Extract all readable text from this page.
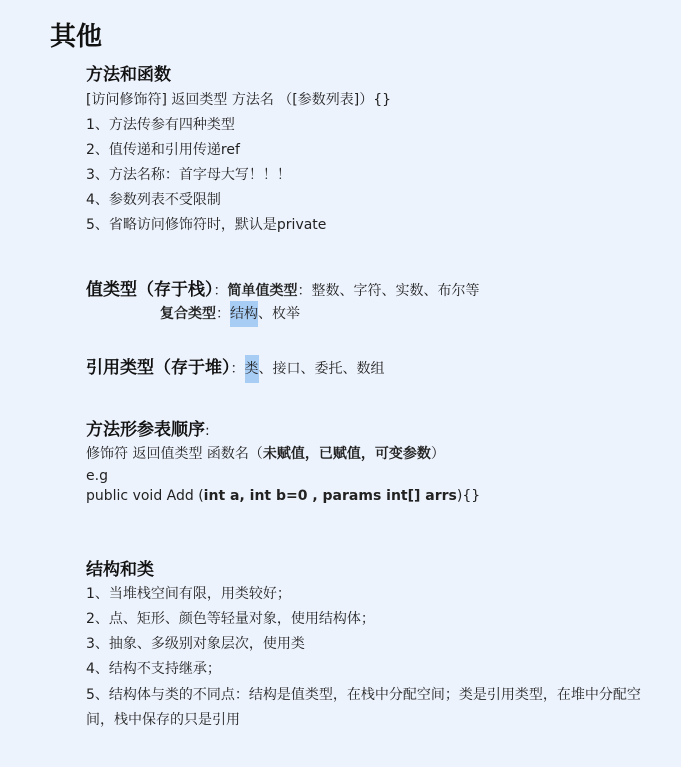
其他
方法和函数
[访问修饰符] 返回类型 方法名 （[参数列表]）{}
1、方法传参有四种类型
2、值传递和引用传递ref
3、方法名称：首字母大写！！！
4、参数列表不受限制
5、省略访问修饰符时，默认是private
值类型（存于栈）：简单值类型：整数、字符、实数、布尔等
复合类型：结构、枚举
引用类型（存于堆）：类、接口、委托、数组
方法形参表顺序:
修饰符 返回值类型 函数名（未赋值，已赋值，可变参数）
e.g
public void Add (int a, int b=0 , params int[] arrs){}
结构和类
1、当堆栈空间有限，用类较好；
2、点、矩形、颜色等轻量对象，使用结构体；
3、抽象、多级别对象层次，使用类
4、结构不支持继承；
5、结构体与类的不同点：结构是值类型，在栈中分配空间；类是引用类型，在堆中分配空
间，栈中保存的只是引用
